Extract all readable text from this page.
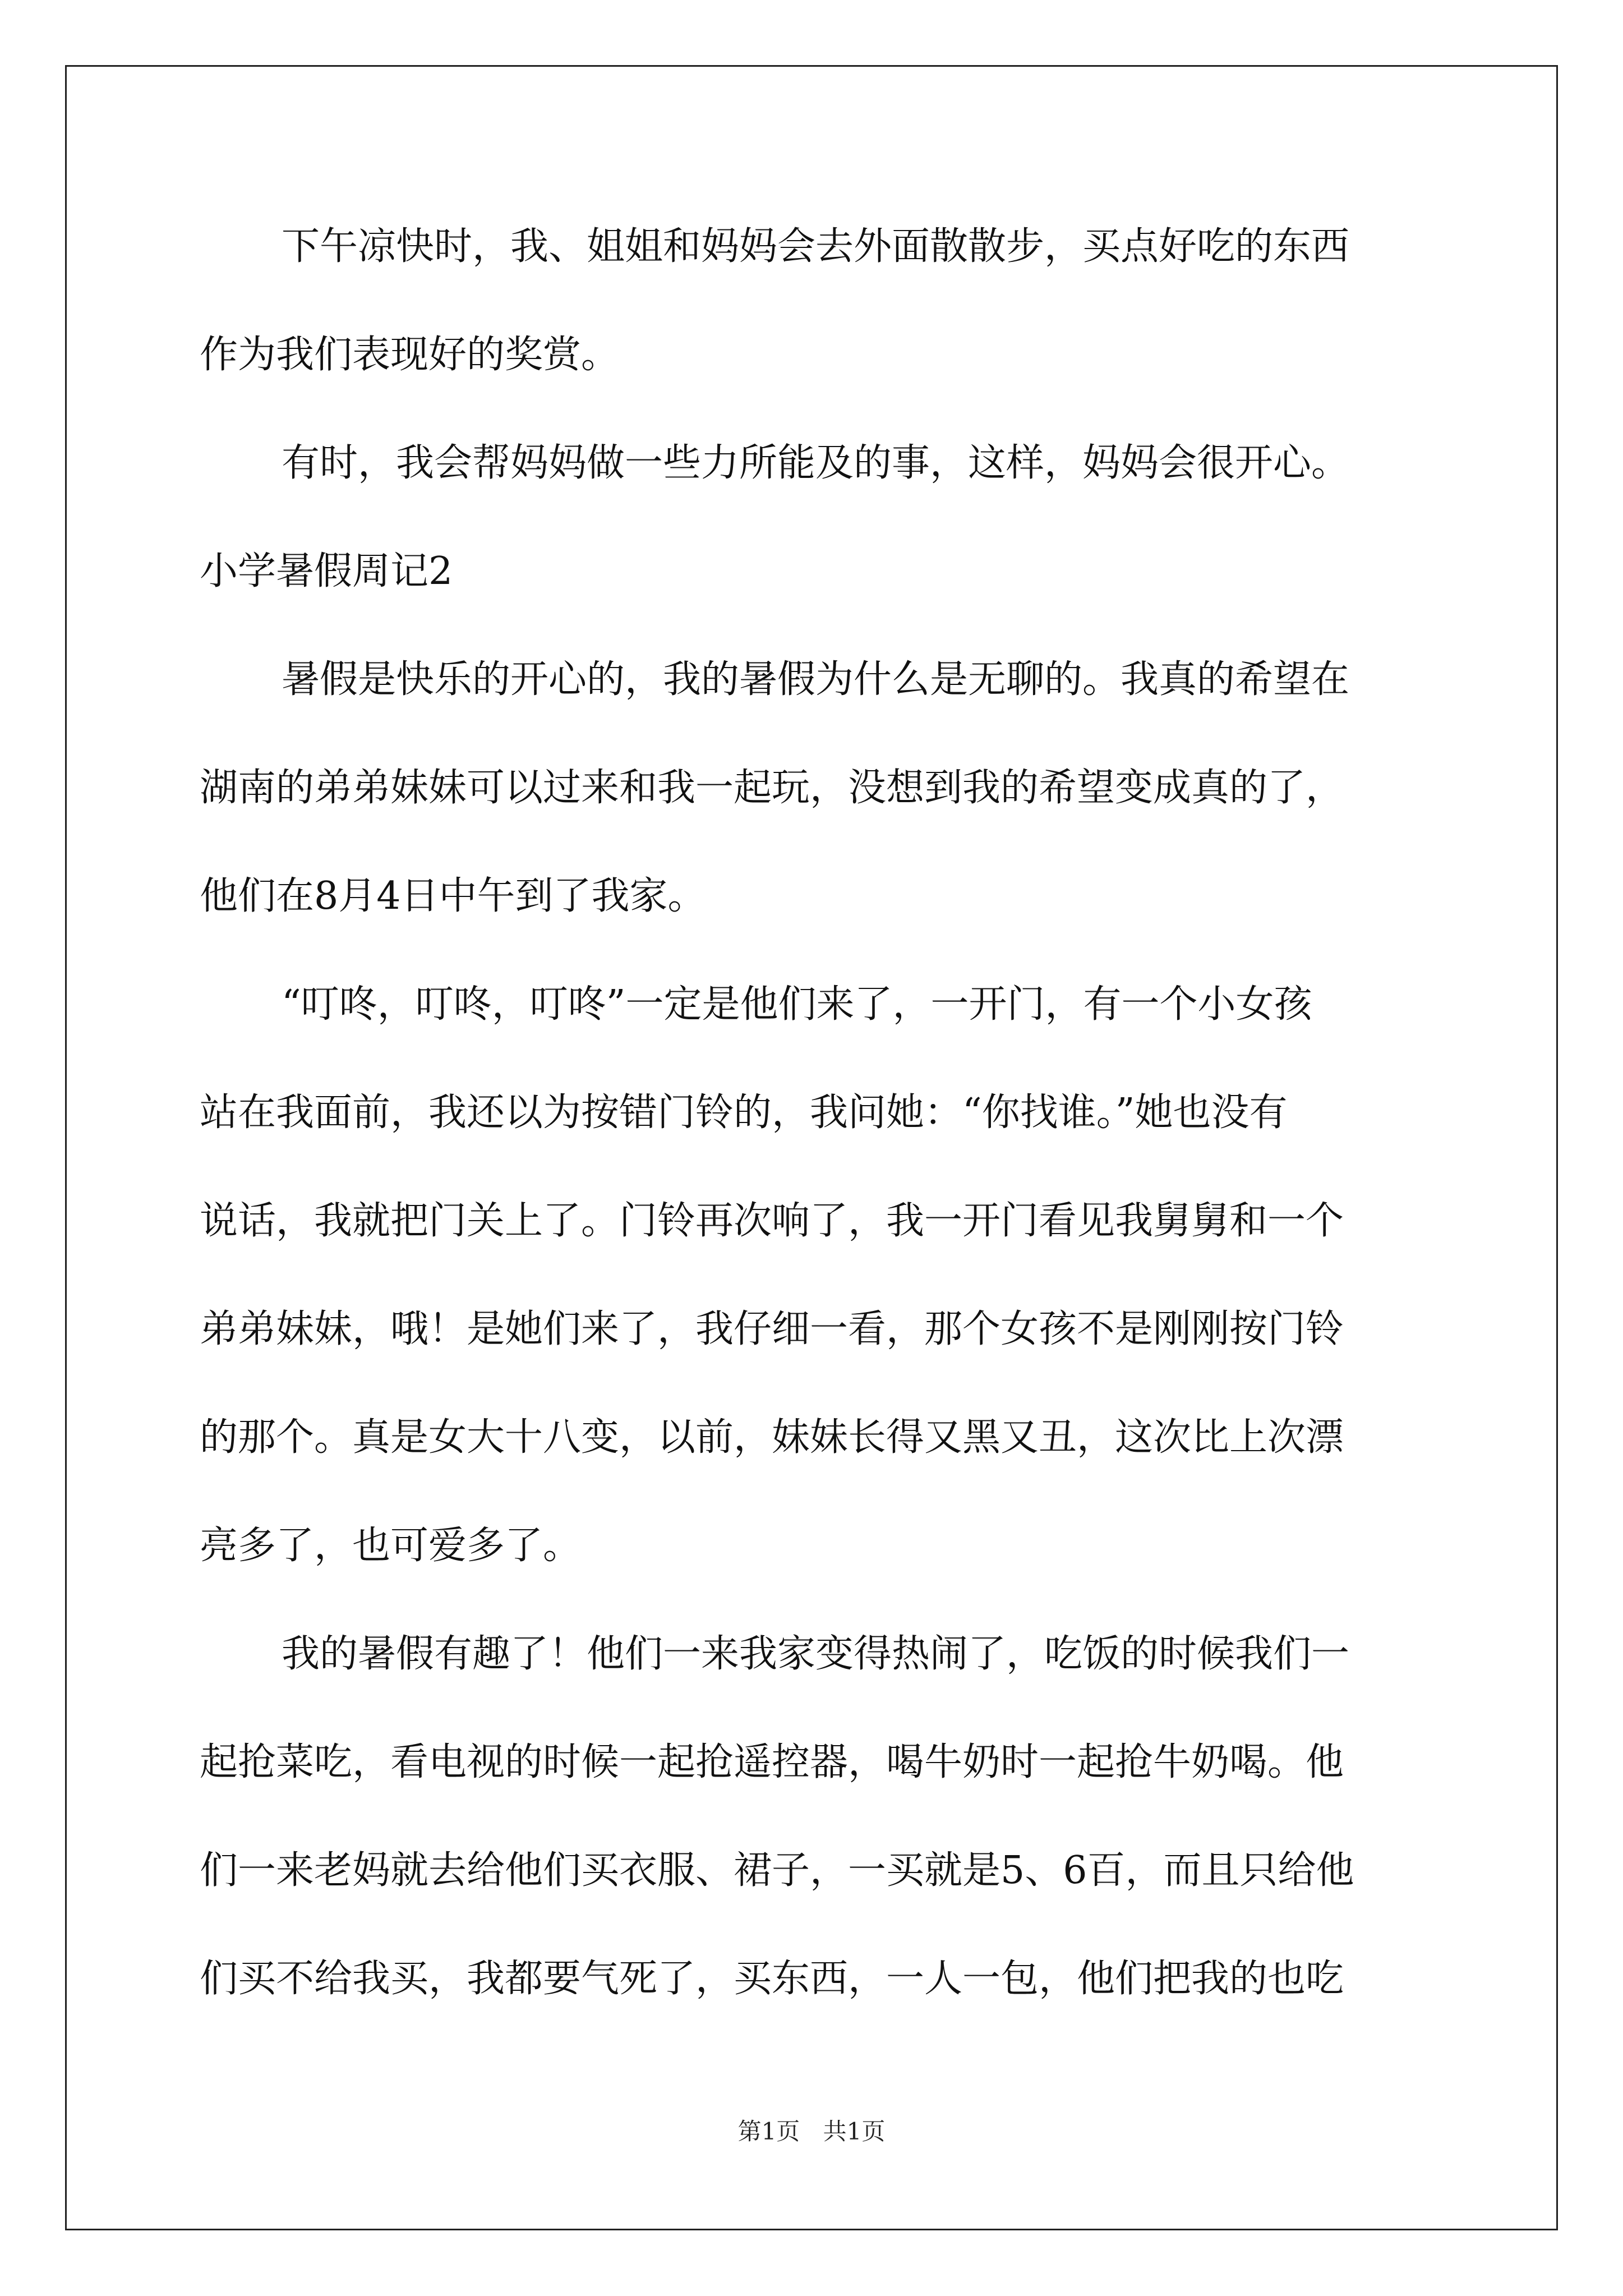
下午凉快时，我、姐姐和妈妈会去外面散散步，买点好吃的东西
作为我们表现好的奖赏。
有时，我会帮妈妈做一些力所能及的事，这样，妈妈会很开心。
小学暑假周记2
暑假是快乐的开心的，我的暑假为什么是无聊的。我真的希望在
湖南的弟弟妹妹可以过来和我一起玩，没想到我的希望变成真的了，
他们在8月4日中午到了我家。
“叮咚，叮咚，叮咚”一定是他们来了，一开门，有一个小女孩
站在我面前，我还以为按错门铃的，我问她：“你找谁。”她也没有
说话，我就把门关上了。门铃再次响了，我一开门看见我舅舅和一个
弟弟妹妹，哦！是她们来了，我仔细一看，那个女孩不是刚刚按门铃
的那个。真是女大十八变，以前，妹妹长得又黑又丑，这次比上次漂
亮多了，也可爱多了。
我的暑假有趣了！他们一来我家变得热闹了，吃饭的时候我们一
起抢菜吃，看电视的时候一起抢遥控器，喝牛奶时一起抢牛奶喝。他
们一来老妈就去给他们买衣服、裙子，一买就是5、6百，而且只给他
们买不给我买，我都要气死了，买东西，一人一包，他们把我的也吃
第1页 共1页
